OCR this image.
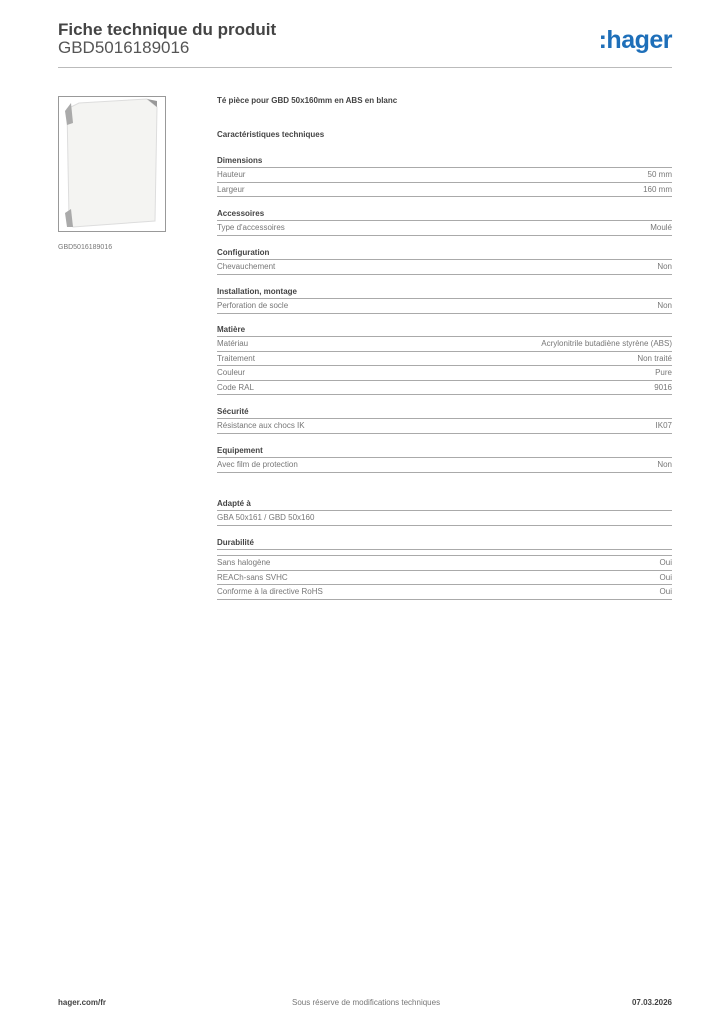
Fiche technique du produit
GBD5016189016	:hager
GBD5016189016
Té pièce pour GBD 50x160mm en ABS en blanc
Caractéristiques techniques
Dimensions
Hauteur	50 mm
Largeur	160 mm
Accessoires
Type d'accessoires	Moulé
Configuration
Chevauchement	Non
Installation, montage
Perforation de socle	Non
Matière
Matériau	Acrylonitrile butadiène styrène (ABS)
Traitement	Non traité
Couleur	Pure
Code RAL	9016
Sécurité
Résistance aux chocs IK	IK07
Equipement
Avec film de protection	Non
Adapté à
GBA 50x161 / GBD 50x160
Durabilité
Sans halogène	Oui
REACh-sans SVHC	Oui
Conforme à la directive RoHS	Oui
hager.com/fr	Sous réserve de modifications techniques	07.03.2026
